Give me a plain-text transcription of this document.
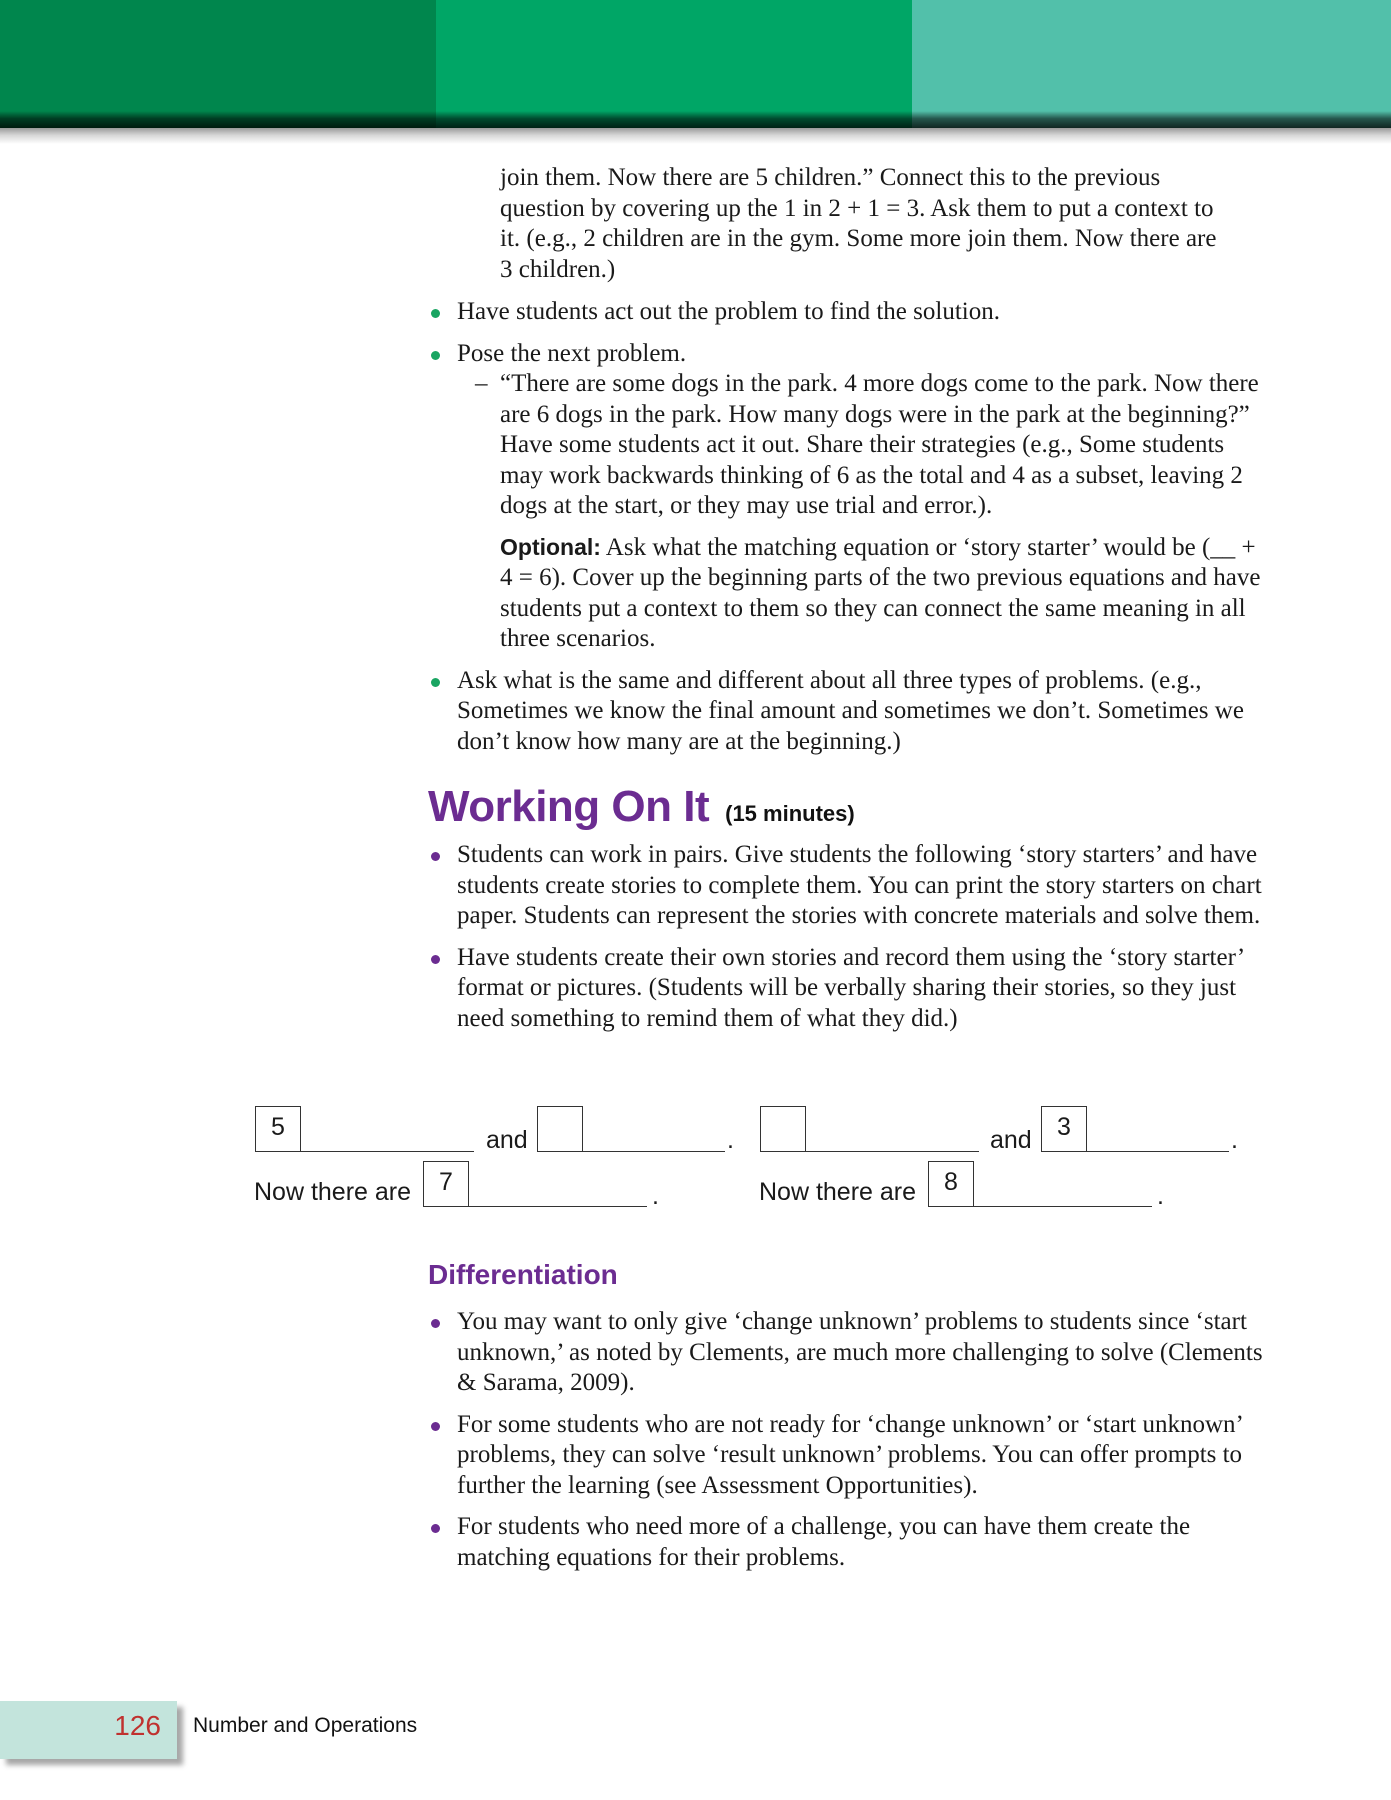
join them. Now there are 5 children.” Connect this to the previous
question by covering up the 1 in 2 + 1 = 3. Ask them to put a context to
it. (e.g., 2 children are in the gym. Some more join them. Now there are
3 children.)
Have students act out the problem to find the solution.
Pose the next problem.
– “There are some dogs in the park. 4 more dogs come to the park. Now there are 6 dogs in the park. How many dogs were in the park at the beginning?” Have some students act it out. Share their strategies (e.g., Some students may work backwards thinking of 6 as the total and 4 as a subset, leaving 2 dogs at the start, or they may use trial and error.).
Optional: Ask what the matching equation or ‘story starter’ would be (__ + 4 = 6). Cover up the beginning parts of the two previous equations and have students put a context to them so they can connect the same meaning in all three scenarios.
Ask what is the same and different about all three types of problems. (e.g., Sometimes we know the final amount and sometimes we don’t. Sometimes we don’t know how many are at the beginning.)
Working On It (15 minutes)
Students can work in pairs. Give students the following ‘story starters’ and have students create stories to complete them. You can print the story starters on chart paper. Students can represent the stories with concrete materials and solve them.
Have students create their own stories and record them using the ‘story starter’ format or pictures. (Students will be verbally sharing their stories, so they just need something to remind them of what they did.)
5	and	.
Now there are	7	.
and	3	.
Now there are	8	.
Differentiation
You may want to only give ‘change unknown’ problems to students since ‘start unknown,’ as noted by Clements, are much more challenging to solve (Clements & Sarama, 2009).
For some students who are not ready for ‘change unknown’ or ‘start unknown’ problems, they can solve ‘result unknown’ problems. You can offer prompts to further the learning (see Assessment Opportunities).
For students who need more of a challenge, you can have them create the matching equations for their problems.
126 Number and Operations
